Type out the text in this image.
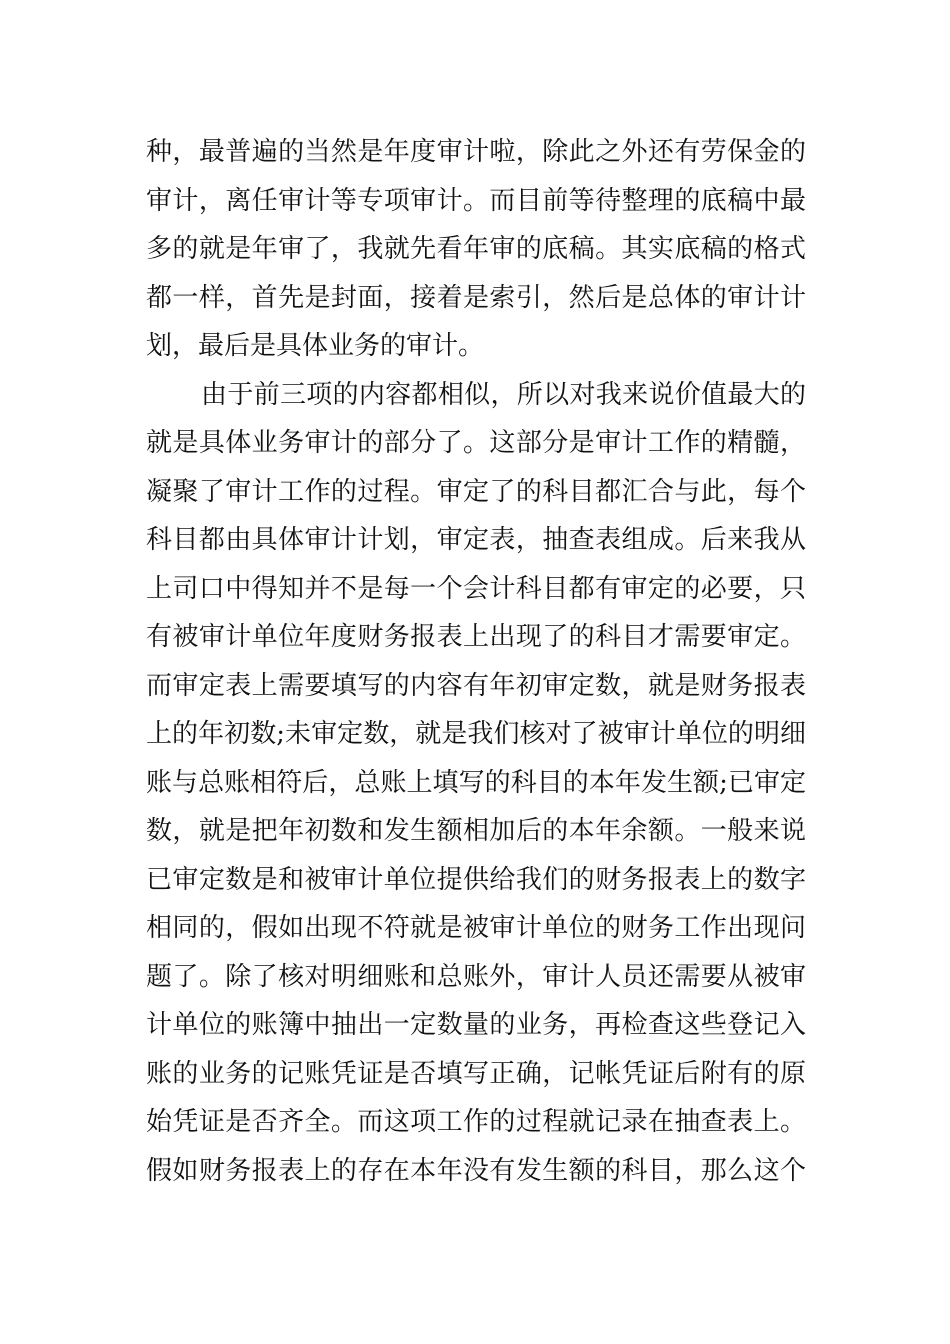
种，最普遍的当然是年度审计啦，除此之外还有劳保金的
审计，离任审计等专项审计。而目前等待整理的底稿中最
多的就是年审了，我就先看年审的底稿。其实底稿的格式
都一样，首先是封面，接着是索引，然后是总体的审计计
划，最后是具体业务的审计。
由于前三项的内容都相似，所以对我来说价值最大的
就是具体业务审计的部分了。这部分是审计工作的精髓，
凝聚了审计工作的过程。审定了的科目都汇合与此，每个
科目都由具体审计计划，审定表，抽查表组成。后来我从
上司口中得知并不是每一个会计科目都有审定的必要，只
有被审计单位年度财务报表上出现了的科目才需要审定。
而审定表上需要填写的内容有年初审定数，就是财务报表
上的年初数;未审定数，就是我们核对了被审计单位的明细
账与总账相符后，总账上填写的科目的本年发生额;已审定
数，就是把年初数和发生额相加后的本年余额。一般来说
已审定数是和被审计单位提供给我们的财务报表上的数字
相同的，假如出现不符就是被审计单位的财务工作出现问
题了。除了核对明细账和总账外，审计人员还需要从被审
计单位的账簿中抽出一定数量的业务，再检查这些登记入
账的业务的记账凭证是否填写正确，记帐凭证后附有的原
始凭证是否齐全。而这项工作的过程就记录在抽查表上。
假如财务报表上的存在本年没有发生额的科目，那么这个
